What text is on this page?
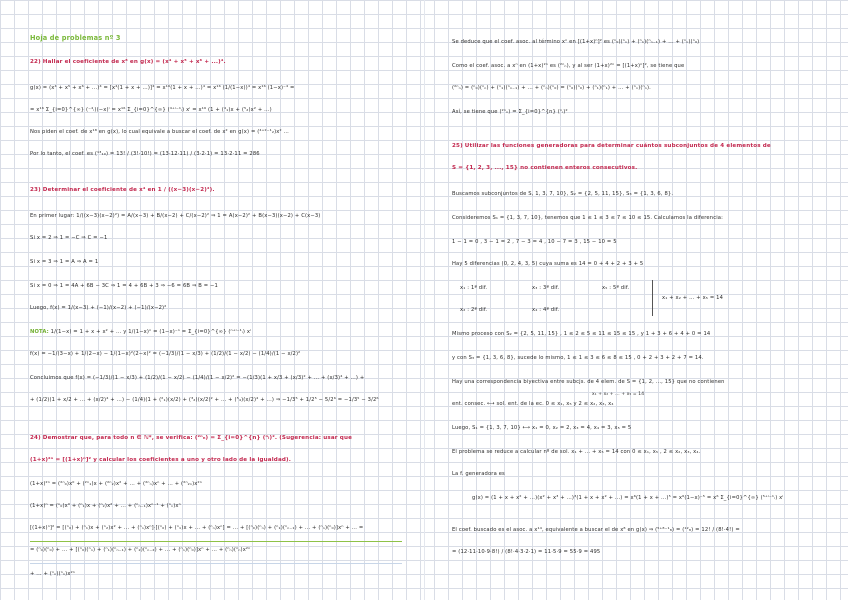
Hoja de problemas nº 3
22) Hallar el coeficiente de x⁸ en g(x) = (x⁴ + x⁵ + x⁶ + ...)⁴.
g(x) = (x⁴ + x⁵ + x⁶ + ...)⁴ = [x⁴(1 + x + ...)]⁴ = x¹⁶(1 + x + ...)⁴ = x¹⁶ (1/(1−x))⁴ = x¹⁶ (1−x)⁻⁴ =
= x¹⁶ Σ_{i=0}^{∞} (⁻⁴ᵢ)(−x)ⁱ = x¹⁶ Σ_{i=0}^{∞} (⁴⁺ⁱ⁻¹ᵢ) xⁱ = x¹⁶ (1 + (⁴₁)x + (⁵₂)x² + ...)
Nos piden el coef. de x¹⁸ en g(x), lo cual equivale a buscar el coef. de x² en g(x) = (⁴⁺²⁻¹₂)x² ...
Por lo tanto, el coef. es (¹³₁₀) = 13! / (3!·10!) = (13·12·11) / (3·2·1) = 13·2·11 = 286
23) Determinar el coeficiente de x⁴ en 1 / ((x−3)(x−2)²).
En primer lugar: 1/((x−3)(x−2)²) = A/(x−3) + B/(x−2) + C/(x−2)² ⇒ 1 = A(x−2)² + B(x−3)(x−2) + C(x−3)
Si x = 2 ⇒ 1 = −C ⇒ C = −1
Si x = 3 ⇒ 1 = A ⇒ A = 1
Si x = 0 ⇒ 1 = 4A + 6B − 3C ⇒ 1 = 4 + 6B + 3 ⇒ −6 = 6B ⇒ B = −1
Luego, f(x) = 1/(x−3) + (−1)/(x−2) + (−1)/(x−2)²
NOTA: 1/(1−x) = 1 + x + x² + ... y 1/(1−x)ⁿ = (1−x)⁻ⁿ = Σ_{i=0}^{∞} (ⁿ⁺ⁱ⁻¹ᵢ) xⁱ
f(x) = −1/(3−x) + 1/(2−x) − 1/(1−x)²(2−x)² = (−1/3)/(1 − x/3) + (1/2)/(1 − x/2) − (1/4)/(1 − x/2)²
Concluimos que f(x) = (−1/3)/(1 − x/3) + (1/2)/(1 − x/2) − (1/4)/(1 − x/2)² = −(1/3)(1 + x/3 + (x/3)² + ... + (x/3)⁴ + ...) +
+ (1/2)(1 + x/2 + ... + (x/2)⁴ + ...) − (1/4)(1 + (²₁)(x/2) + (³₂)(x/2)² + ... + (⁵₄)(x/2)⁴ + ...) ⇒ −1/3⁵ + 1/2⁵ − 5/2⁶ = −1/3⁵ − 3/2⁶
24) Demostrar que, para todo n ∈ ℕ*, se verifica: (²ⁿₙ) = Σ_{i=0}^{n} (ⁿᵢ)². (Sugerencia: usar que
(1+x)²ⁿ = [(1+x)ⁿ]² y calcular los coeficientes a uno y otro lado de la igualdad).
(1+x)²ⁿ = (²ⁿ₀)x⁰ + (²ⁿ₁)x + (²ⁿ₂)x² + ... + (²ⁿₙ)xⁿ + ... + (²ⁿ₂ₙ)x²ⁿ
(1+x)ⁿ = (ⁿ₀)x⁰ + (ⁿ₁)x + (ⁿ₂)x² + ... + (ⁿₙ₋₁)xⁿ⁻¹ + (ⁿₙ)xⁿ
[(1+x)ⁿ]² = [(ⁿ₀) + (ⁿ₁)x + (ⁿ₂)x² + ... + (ⁿₙ)xⁿ]·[(ⁿ₀) + (ⁿ₁)x + ... + (ⁿₙ)xⁿ] = ... + [(ⁿ₀)(ⁿₙ) + (ⁿ₁)(ⁿₙ₋₁) + ... + (ⁿₙ)(ⁿ₀)]xⁿ + ... =
= (ⁿ₀)(ⁿ₀) + ... + [(ⁿ₀)(ⁿₙ) + (ⁿ₁)(ⁿₙ₋₁) + (ⁿ₂)(ⁿₙ₋₂) + ... + (ⁿₙ)(ⁿ₀)]xⁿ + ... + (ⁿₙ)(ⁿₙ)x²ⁿ
+ ... + (ⁿₙ)(ⁿₙ)x²ⁿ
Se deduce que el coef. asoc. al término xⁿ en [(1+x)ⁿ]² es (ⁿ₀)(ⁿₙ) + (ⁿ₁)(ⁿₙ₋₁) + ... + (ⁿₙ)(ⁿ₀)
Como el coef. asoc. a xⁿ en (1+x)²ⁿ es (²ⁿₙ), y al ser (1+x)²ⁿ = [(1+x)ⁿ]², se tiene que
(²ⁿₙ) = (ⁿ₀)(ⁿₙ) + (ⁿ₁)(ⁿₙ₋₁) + ... + (ⁿₙ)(ⁿ₀) = (ⁿ₀)(ⁿ₀) + (ⁿ₁)(ⁿ₁) + ... + (ⁿₙ)(ⁿₙ).
Así, se tiene que (²ⁿₙ) = Σ_{i=0}^{n} (ⁿᵢ)²
25) Utilizar las funciones generadoras para determinar cuántos subconjuntos de 4 elementos de
S = {1, 2, 3, ..., 15} no contienen enteros consecutivos.
Buscamos subconjuntos de S, 1, 3, 7, 10}, S₂ = {2, 5, 11, 15}, S₃ = {1, 3, 6, 8}.
Consideremos S₁ = {1, 3, 7, 10}, tenemos que 1 ≤ 1 ≤ 3 ≤ 7 ≤ 10 ≤ 15. Calculamos la diferencia:
1 − 1 = 0 , 3 − 1 = 2 , 7 − 3 = 4 , 10 − 7 = 3 , 15 − 10 = 5
Hay 5 diferencias (0, 2, 4, 3, 5) cuya suma es 14 = 0 + 4 + 2 + 3 + 5
x₁ : 1ª dif.	x₃ : 3ª dif.	x₅ : 5ª dif.
x₂ : 2ª dif.	x₄ : 4ª dif.
x₁ + x₂ + ... + x₅ = 14
Mismo proceso con S₂ = {2, 5, 11, 15} , 1 ≤ 2 ≤ 5 ≤ 11 ≤ 15 ≤ 15 , y 1 + 3 + 6 + 4 + 0 = 14
y con S₃ = {1, 3, 6, 8}, sucede lo mismo, 1 ≤ 1 ≤ 3 ≤ 6 ≤ 8 ≤ 15 , 0 + 2 + 3 + 2 + 7 = 14.
Hay una correspondencia biyectiva entre subcjs. de 4 elem. de S = {1, 2, ..., 15} que no contienen
x₁ + x₂ + ... + x₅ = 14
ent. consec. ⟷ sol. ent. de la ec. 0 ≤ x₁, x₅ y 2 ≤ x₂, x₃, x₄
Luego, S₁ = {1, 3, 7, 10} ⟷ x₁ = 0, x₂ = 2, x₃ = 4, x₄ = 3, x₅ = 5
El problema se reduce a calcular nº de sol. x₁ + ... + x₅ = 14 con 0 ≤ x₁, x₅ , 2 ≤ x₂, x₃, x₄.
La f. generadora es
g(x) = (1 + x + x² + ...)(x² + x³ + ...)³(1 + x + x² + ...) = x⁶(1 + x + ...)⁵ = x⁶(1−x)⁻⁵ = x⁶ Σ_{i=0}^{∞} (⁵⁺ⁱ⁻¹ᵢ) xⁱ
El coef. buscado es el asoc. a x¹⁴, equivalente a buscar el de x⁸ en g(x) ⇒ (⁵⁺⁸⁻¹₈) = (¹²₈) = 12! / (8!·4!) =
= (12·11·10·9·8!) / (8!·4·3·2·1) = 11·5·9 = 55·9 = 495
